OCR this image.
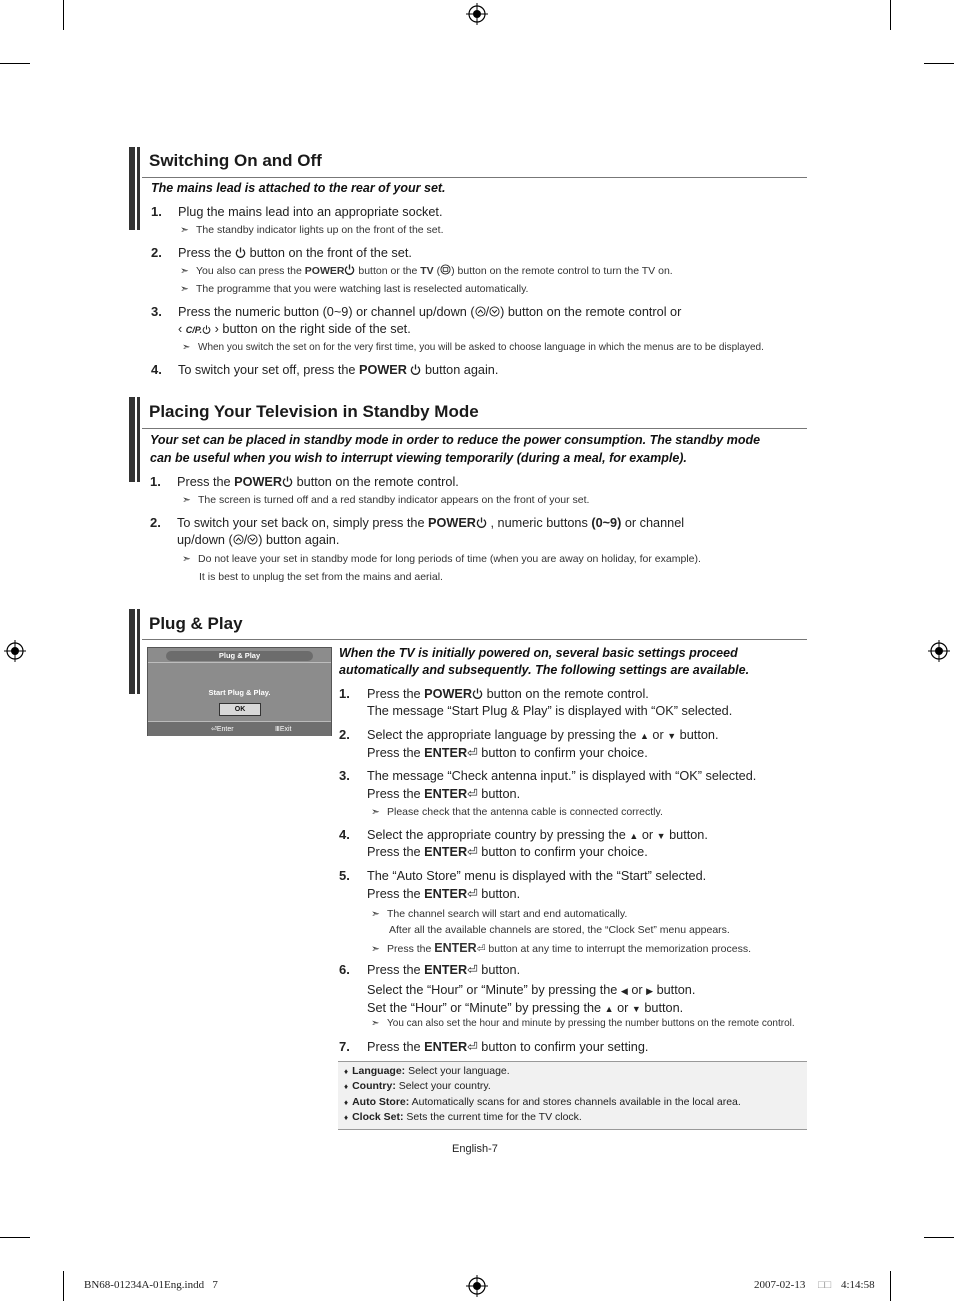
Switching On and Off
The mains lead is attached to the rear of your set.
1. Plug the mains lead into an appropriate socket.
➣ The standby indicator lights up on the front of the set.
2. Press the  button on the front of the set.
➣ You also can press the POWER button or the TV ( ) button on the remote control to turn the TV on.
➣ The programme that you were watching last is reselected automatically.
3. Press the numeric button (0~9) or channel up/down ( / ) button on the remote control or
‹ C/P. › button on the right side of the set.
➣ When you switch the set on for the very first time, you will be asked to choose language in which the menus are to be displayed.
4. To switch your set off, press the POWER  button again.
Placing Your Television in Standby Mode
Your set can be placed in standby mode in order to reduce the power consumption. The standby mode
can be useful when you wish to interrupt viewing temporarily (during a meal, for example).
1. Press the POWER button on the remote control.
➣ The screen is turned off and a red standby indicator appears on the front of your set.
2. To switch your set back on, simply press the POWER , numeric buttons (0~9) or channel
up/down ( / ) button again.
➣ Do not leave your set in standby mode for long periods of time (when you are away on holiday, for example).
It is best to unplug the set from the mains and aerial.
Plug & Play
Plug & Play
Start Plug & Play.
OK
⏎Enter	ⅢExit
When the TV is initially powered on, several basic settings proceed
automatically and subsequently. The following settings are available.
1. Press the POWER button on the remote control.
The message “Start Plug & Play” is displayed with “OK” selected.
2. Select the appropriate language by pressing the ▲ or ▼ button.
Press the ENTER⏎ button to confirm your choice.
3. The message “Check antenna input.” is displayed with “OK” selected.
Press the ENTER⏎ button.
➣ Please check that the antenna cable is connected correctly.
4. Select the appropriate country by pressing the ▲ or ▼ button.
Press the ENTER⏎ button to confirm your choice.
5. The “Auto Store” menu is displayed with the “Start” selected.
Press the ENTER⏎ button.
➣ The channel search will start and end automatically.
After all the available channels are stored, the “Clock Set” menu appears.
➣ Press the ENTER⏎ button at any time to interrupt the memorization process.
6. Press the ENTER⏎ button.
Select the “Hour” or “Minute” by pressing the ◀ or ▶ button.
Set the “Hour” or “Minute” by pressing the ▲ or ▼ button.
➣ You can also set the hour and minute by pressing the number buttons on the remote control.
7. Press the ENTER⏎ button to confirm your setting.
♦ Language: Select your language.
♦ Country: Select your country.
♦ Auto Store: Automatically scans for and stores channels available in the local area.
♦ Clock Set: Sets the current time for the TV clock.
English-7
BN68-01234A-01Eng.indd   7	2007-02-13 □□ 4:14:58
